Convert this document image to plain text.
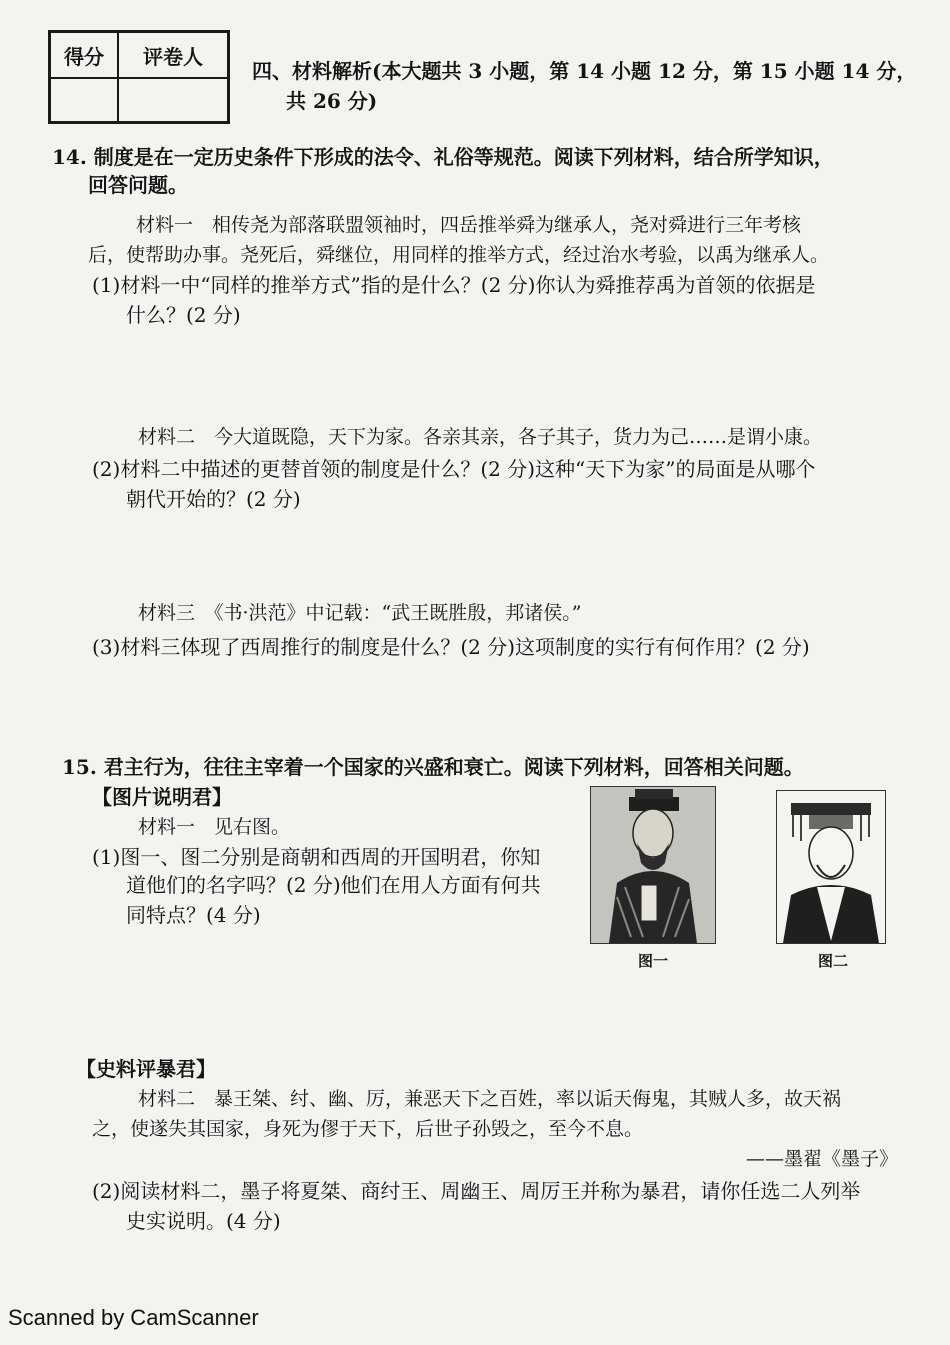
得分	评卷人
四、材料解析(本大题共 3 小题，第 14 小题 12 分，第 15 小题 14 分，
共 26 分)
14. 制度是在一定历史条件下形成的法令、礼俗等规范。阅读下列材料，结合所学知识，
回答问题。
材料一　相传尧为部落联盟领袖时，四岳推举舜为继承人，尧对舜进行三年考核
后，使帮助办事。尧死后，舜继位，用同样的推举方式，经过治水考验，以禹为继承人。
(1)材料一中“同样的推举方式”指的是什么？(2 分)你认为舜推荐禹为首领的依据是
什么？(2 分)
材料二　今大道既隐，天下为家。各亲其亲，各子其子，货力为己……是谓小康。
(2)材料二中描述的更替首领的制度是什么？(2 分)这种“天下为家”的局面是从哪个
朝代开始的？(2 分)
材料三　《书·洪范》中记载：“武王既胜殷，邦诸侯。”
(3)材料三体现了西周推行的制度是什么？(2 分)这项制度的实行有何作用？(2 分)
15. 君主行为，往往主宰着一个国家的兴盛和衰亡。阅读下列材料，回答相关问题。
【图片说明君】
材料一　见右图。
(1)图一、图二分别是商朝和西周的开国明君，你知
道他们的名字吗？(2 分)他们在用人方面有何共
同特点？(4 分)
图一	图二
【史料评暴君】
材料二　暴王桀、纣、幽、厉，兼恶天下之百姓，率以诟天侮鬼，其贼人多，故天祸
之，使遂失其国家，身死为僇于天下，后世子孙毁之，至今不息。
——墨翟《墨子》
(2)阅读材料二，墨子将夏桀、商纣王、周幽王、周厉王并称为暴君，请你任选二人列举
史实说明。(4 分)
Scanned by CamScanner
